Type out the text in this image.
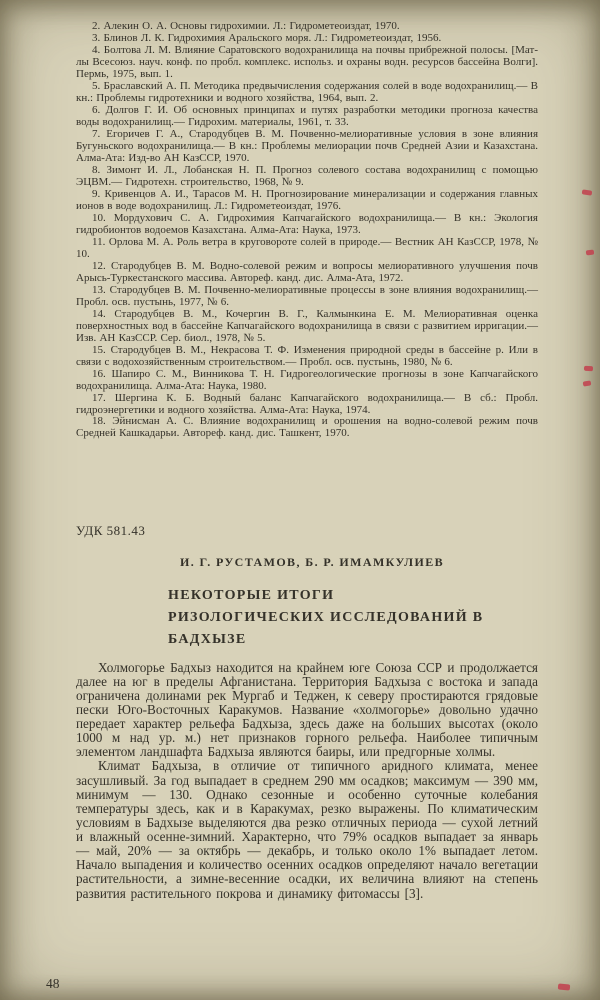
2. Алекин О. А. Основы гидрохимии. Л.: Гидрометеоиздат, 1970.

3. Блинов Л. К. Гидрохимия Аральского моря. Л.: Гидрометеоиздат, 1956.

4. Болтова Л. М. Влияние Саратовского водохранилища на почвы прибрежной полосы. [Мат-лы Всесоюз. науч. конф. по пробл. комплекс. использ. и охраны водн. ресурсов бассейна Волги]. Пермь, 1975, вып. 1.

5. Браславский А. П. Методика предвычисления содержания солей в воде водохранилищ.— В кн.: Проблемы гидротехники и водного хозяйства, 1964, вып. 2.

6. Долгов Г. И. Об основных принципах и путях разработки методики прогноза качества воды водохранилищ.— Гидрохим. материалы, 1961, т. 33.

7. Егоричев Г. А., Стародубцев В. М. Почвенно-мелиоративные условия в зоне влияния Бугуньского водохранилища.— В кн.: Проблемы мелиорации почв Средней Азии и Казахстана. Алма-Ата: Изд-во АН КазССР, 1970.

8. Зимонт И. Л., Лобанская Н. П. Прогноз солевого состава водохранилищ с помощью ЭЦВМ.— Гидротехн. строительство, 1968, № 9.

9. Кривенцов А. И., Тарасов М. Н. Прогнозирование минерализации и содержания главных ионов в воде водохранилищ. Л.: Гидрометеоиздат, 1976.

10. Мордухович С. А. Гидрохимия Капчагайского водохранилища.— В кн.: Экология гидробионтов водоемов Казахстана. Алма-Ата: Наука, 1973.

11. Орлова М. А. Роль ветра в круговороте солей в природе.— Вестник АН КазССР, 1978, № 10.

12. Стародубцев В. М. Водно-солевой режим и вопросы мелиоративного улучшения почв Арысь-Туркестанского массива. Автореф. канд. дис. Алма-Ата, 1972.

13. Стародубцев В. М. Почвенно-мелиоративные процессы в зоне влияния водохранилищ.— Пробл. осв. пустынь, 1977, № 6.

14. Стародубцев В. М., Кочергин В. Г., Калмынкина Е. М. Мелиоративная оценка поверхностных вод в бассейне Капчагайского водохранилища в связи с развитием ирригации.— Изв. АН КазССР. Сер. биол., 1978, № 5.

15. Стародубцев В. М., Некрасова Т. Ф. Изменения природной среды в бассейне р. Или в связи с водохозяйственным строительством.— Пробл. осв. пустынь, 1980, № 6.

16. Шапиро С. М., Винникова Т. Н. Гидрогеологические прогнозы в зоне Капчагайского водохранилища. Алма-Ата: Наука, 1980.

17. Шергина К. Б. Водный баланс Капчагайского водохранилища.— В сб.: Пробл. гидроэнергетики и водного хозяйства. Алма-Ата: Наука, 1974.

18. Эйнисман А. С. Влияние водохранилищ и орошения на водно-солевой режим почв Средней Кашкадарьи. Автореф. канд. дис. Ташкент, 1970.

УДК 581.43
И. Г. РУСТАМОВ, Б. Р. ИМАМКУЛИЕВ
НЕКОТОРЫЕ ИТОГИ
РИЗОЛОГИЧЕСКИХ ИССЛЕДОВАНИЙ В БАДХЫЗЕ

Холмогорье Бадхыз находится на крайнем юге Союза ССР и продолжается далее на юг в пределы Афганистана. Территория Бадхыза с востока и запада ограничена долинами рек Мургаб и Теджен, к северу простираются грядовые пески Юго-Восточных Каракумов. Название «холмогорье» довольно удачно передает характер рельефа Бадхыза, здесь даже на больших высотах (около 1000 м над ур. м.) нет признаков горного рельефа. Наиболее типичным элементом ландшафта Бадхыза являются баиры, или предгорные холмы.

Климат Бадхыза, в отличие от типичного аридного климата, менее засушливый. За год выпадает в среднем 290 мм осадков; максимум — 390 мм, минимум — 130. Однако сезонные и особенно суточные колебания температуры здесь, как и в Каракумах, резко выражены. По климатическим условиям в Бадхызе выделяются два резко отличных периода — сухой летний и влажный осенне-зимний. Характерно, что 79% осадков выпадает за январь — май, 20% — за октябрь — декабрь, и только около 1% выпадает летом. Начало выпадения и количество осенних осадков определяют начало вегетации растительности, а зимне-весенние осадки, их величина влияют на степень развития растительного покрова и динамику фитомассы [3].

48
